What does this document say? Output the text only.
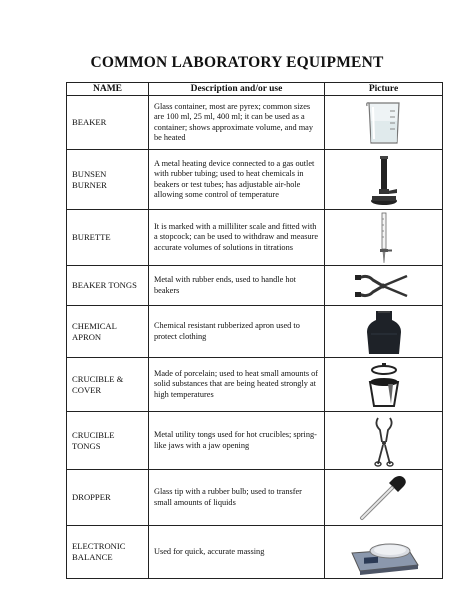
COMMON LABORATORY EQUIPMENT
NAME	Description and/or use	Picture
BEAKER	Glass container, most are pyrex; common sizes are 100 ml, 25 ml, 400 ml; it can be used as a container; shows approximate volume, and may be heated	

BUNSEN
BURNER	A metal heating device connected to a gas outlet with rubber tubing; used to heat chemicals in beakers or test tubes; has adjustable air-hole allowing some control of temperature	

BURETTE	It is marked with a milliliter scale and fitted with a stopcock; can be used to withdraw and measure accurate volumes of solutions in titrations	

BEAKER TONGS	Metal with rubber ends, used to handle hot beakers	

CHEMICAL
APRON	Chemical resistant rubberized apron used to protect clothing	

CRUCIBLE &
COVER	Made of porcelain; used to heat small amounts of solid substances that are being heated strongly at high temperatures	

CRUCIBLE
TONGS	Metal utility tongs used for hot crucibles; spring-like jaws with a jaw opening	

DROPPER	Glass tip with a rubber bulb; used to transfer small amounts of liquids	

ELECTRONIC
BALANCE	Used for quick, accurate massing	
